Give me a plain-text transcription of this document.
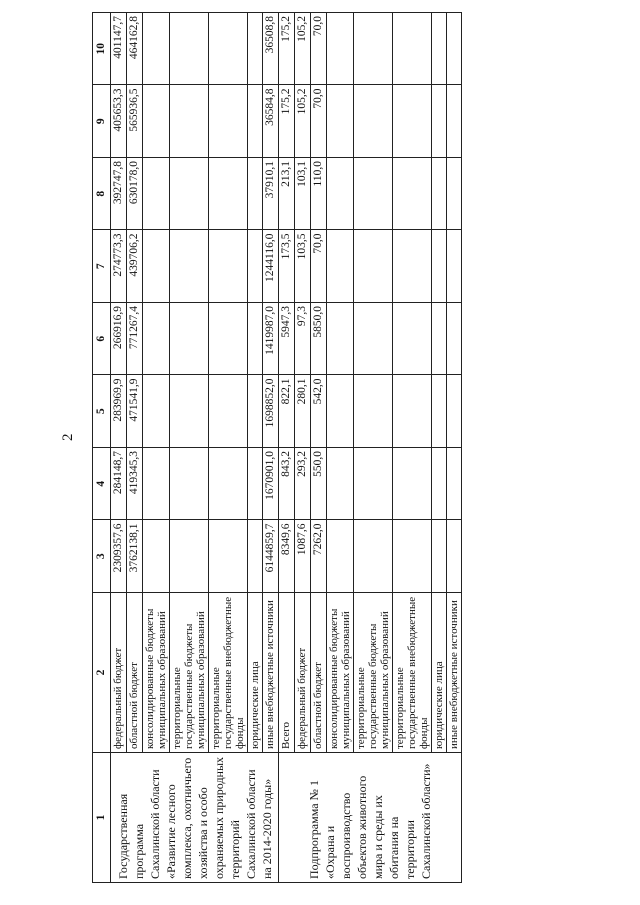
2
1	2	3	4	5	6	7	8	9	10
Государственная программа Сахалинской области «Развитие лесного комплекса, охотничьего хозяйства и особо охраняемых природных территорий Сахалинской области на 2014-2020 годы»	федеральный бюджет	2309357,6	284148,7	283969,9	266916,9	274773,3	392747,8	405653,3	401147,7
	областной бюджет	3762138,1	419345,3	471541,9	771267,4	439706,2	630178,0	565936,5	464162,8
	консолидированные бюджеты муниципальных образований								
	территориальные государственные бюджеты муниципальных образований								
	территориальные государственные внебюджетные фонды								
	юридические лица								
	иные внебюджетные источники	6144859,7	1670901,0	1698852,0	1419987,0	1244116,0	37910,1	36584,8	36508,8
Подпрограмма № 1 «Охрана и воспроизводство объектов животного мира и среды их обитания на территории Сахалинской области»	Всего	8349,6	843,2	822,1	5947,3	173,5	213,1	175,2	175,2
	федеральный бюджет	1087,6	293,2	280,1	97,3	103,5	103,1	105,2	105,2
	областной бюджет	7262,0	550,0	542,0	5850,0	70,0	110,0	70,0	70,0
	консолидированные бюджеты муниципальных образований								
	территориальные государственные бюджеты муниципальных образований								
	территориальные государственные внебюджетные фонды								
	юридические лица								
	иные внебюджетные источники								
